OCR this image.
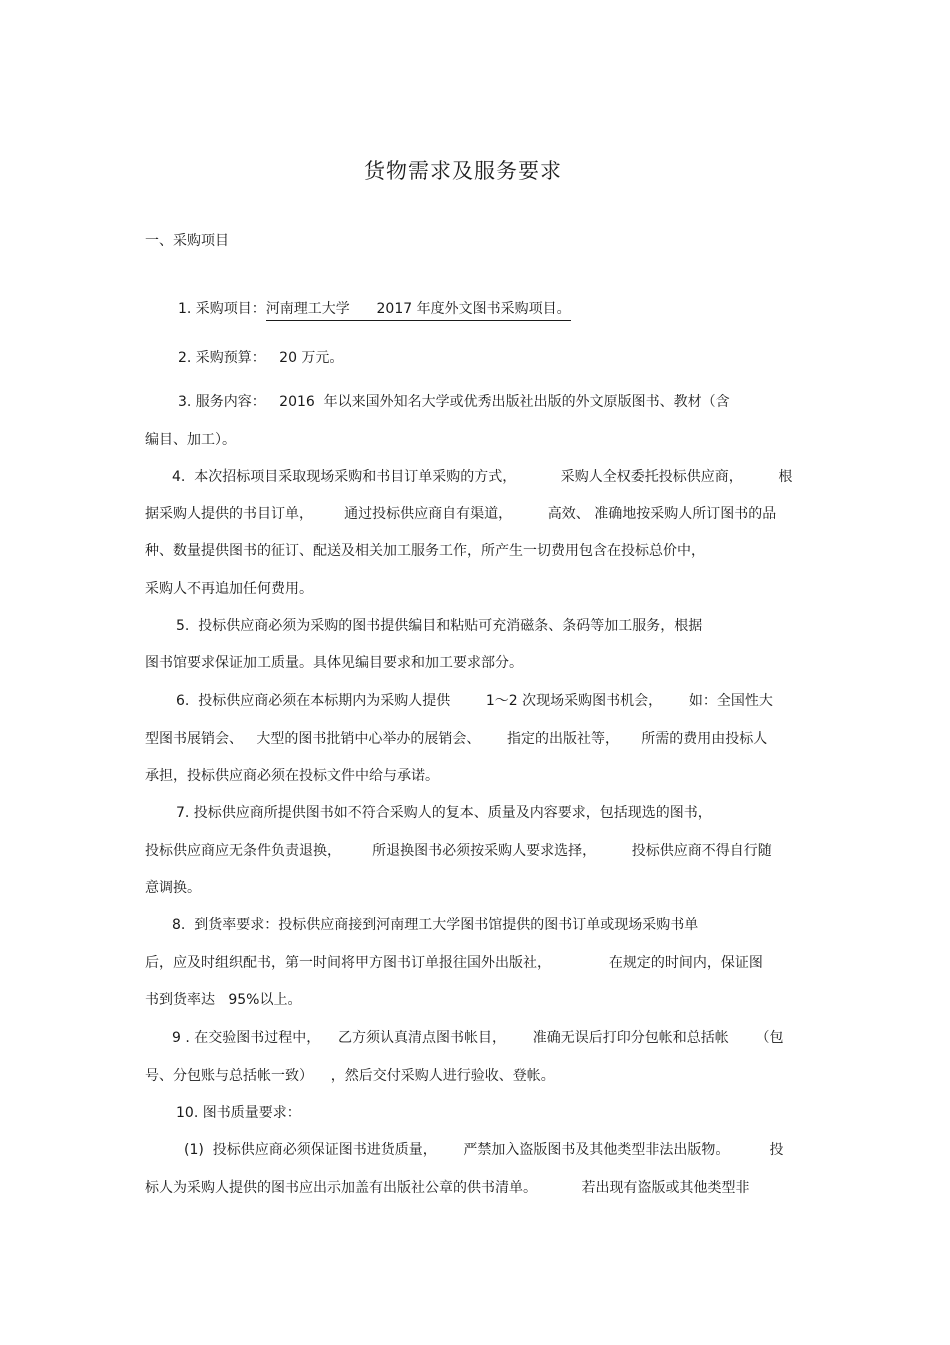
货物需求及服务要求
一、采购项目
1. 采购项目：河南理工大学      2017 年度外文图书采购项目。
2. 采购预算：   20 万元。
3. 服务内容：   2016  年以来国外知名大学或优秀出版社出版的外文原版图书、教材（含
编目、加工）。
4.  本次招标项目采取现场采购和书目订单采购的方式，          采购人全权委托投标供应商，        根
据采购人提供的书目订单，       通过投标供应商自有渠道，        高效、 准确地按采购人所订图书的品
种、数量提供图书的征订、配送及相关加工服务工作，所产生一切费用包含在投标总价中，
采购人不再追加任何费用。
5.  投标供应商必须为采购的图书提供编目和粘贴可充消磁条、条码等加工服务，根据
图书馆要求保证加工质量。具体见编目要求和加工要求部分。
6.  投标供应商必须在本标期内为采购人提供        1～2 次现场采购图书机会，      如：全国性大
型图书展销会、   大型的图书批销中心举办的展销会、      指定的出版社等，     所需的费用由投标人
承担，投标供应商必须在投标文件中给与承诺。
7. 投标供应商所提供图书如不符合采购人的复本、质量及内容要求，包括现选的图书，
投标供应商应无条件负责退换，       所退换图书必须按采购人要求选择，        投标供应商不得自行随
意调换。
8.  到货率要求：投标供应商接到河南理工大学图书馆提供的图书订单或现场采购书单
后，应及时组织配书，第一时间将甲方图书订单报往国外出版社，             在规定的时间内，保证图
书到货率达   95%以上。
9 . 在交验图书过程中，    乙方须认真清点图书帐目，      准确无误后打印分包帐和总括帐      （包
号、分包账与总括帐一致）    ，然后交付采购人进行验收、登帐。
10. 图书质量要求：
(1)  投标供应商必须保证图书进货质量，      严禁加入盗版图书及其他类型非法出版物。         投
标人为采购人提供的图书应出示加盖有出版社公章的供书清单。          若出现有盗版或其他类型非
